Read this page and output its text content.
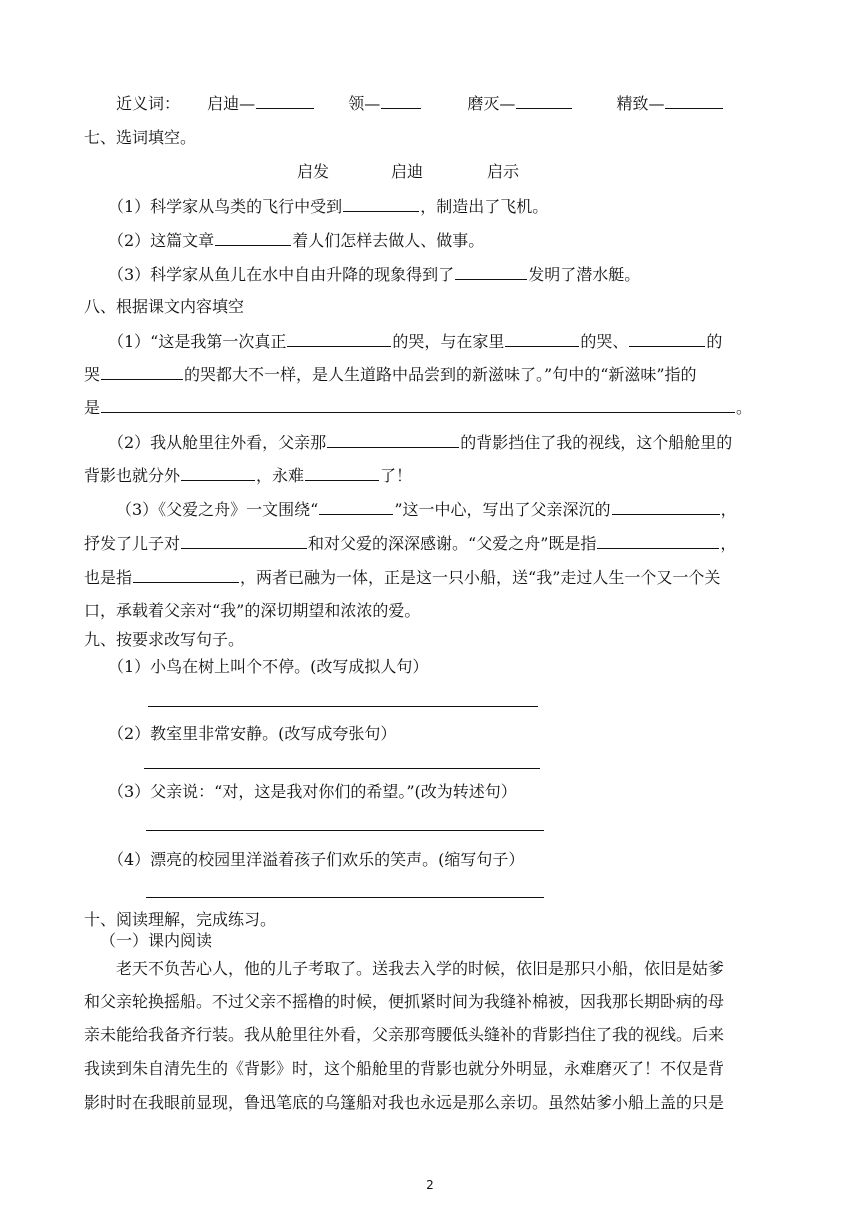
近义词： 启迪—	领—	磨灭—	精致—
七、选词填空。
启发	启迪	启示
（1）科学家从鸟类的飞行中受到	，制造出了飞机。
（2）这篇文章	着人们怎样去做人、做事。
（3）科学家从鱼儿在水中自由升降的现象得到了	发明了潜水艇。
八、根据课文内容填空
（1）“这是我第一次真正	的哭，与在家里	的哭、	的
哭	的哭都大不一样，是人生道路中品尝到的新滋味了。”句中的“新滋味”指的
是	。
（2）我从舱里往外看，父亲那	的背影挡住了我的视线，这个船舱里的
背影也就分外	，永难	了！
（3）《父爱之舟》一文围绕“	”这一中心，写出了父亲深沉的	，
抒发了儿子对	和对父爱的深深感谢。“父爱之舟”既是指	，
也是指	，两者已融为一体，正是这一只小船，送“我”走过人生一个又一个关
口，承载着父亲对“我”的深切期望和浓浓的爱。
九、按要求改写句子。
（1）小鸟在树上叫个不停。(改写成拟人句）
（2）教室里非常安静。(改写成夸张句）
（3）父亲说：“对，这是我对你们的希望。”(改为转述句）
（4）漂亮的校园里洋溢着孩子们欢乐的笑声。(缩写句子）
十、阅读理解，完成练习。
（一）课内阅读
老天不负苦心人，他的儿子考取了。送我去入学的时候，依旧是那只小船，依旧是姑爹
和父亲轮换摇船。不过父亲不摇橹的时候，便抓紧时间为我缝补棉被，因我那长期卧病的母
亲未能给我备齐行装。我从舱里往外看，父亲那弯腰低头缝补的背影挡住了我的视线。后来
我读到朱自清先生的《背影》时，这个船舱里的背影也就分外明显，永难磨灭了！不仅是背
影时时在我眼前显现，鲁迅笔底的乌篷船对我也永远是那么亲切。虽然姑爹小船上盖的只是
2
